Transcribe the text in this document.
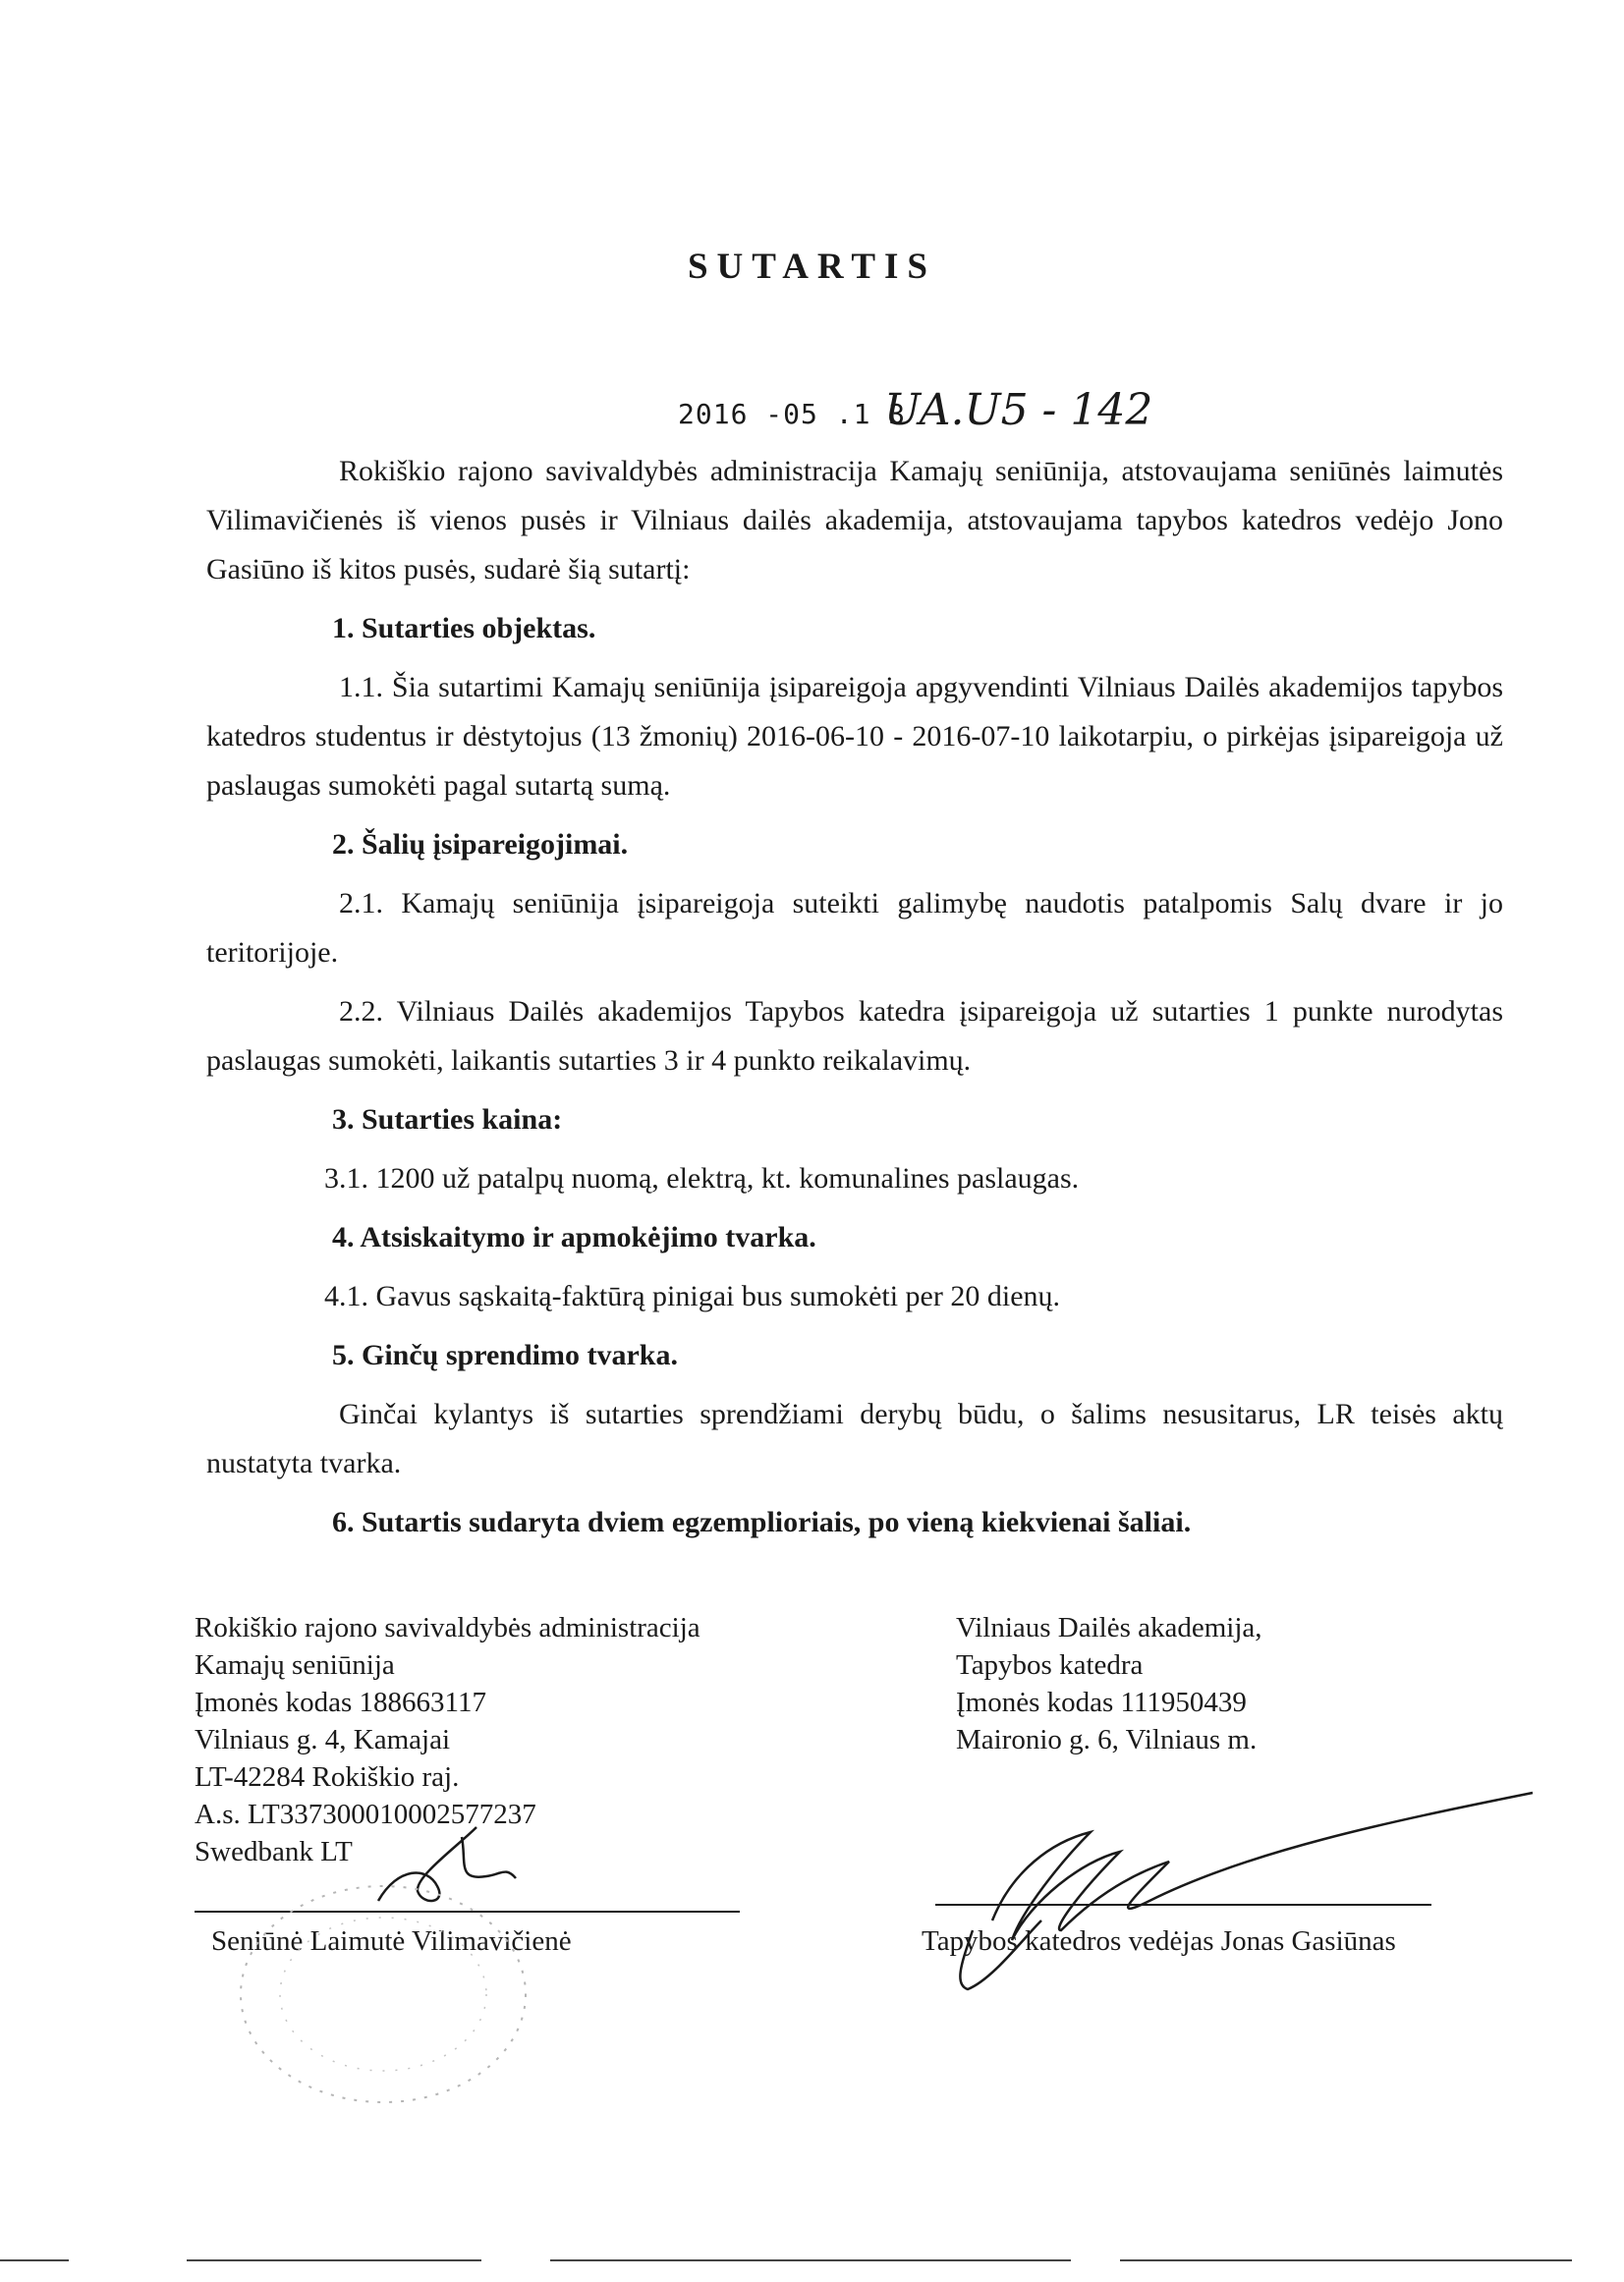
SUTARTIS
2016 -05 .1 3
UA.U5 - 142

Rokiškio rajono savivaldybės administracija Kamajų seniūnija, atstovaujama seniūnės laimutės Vilimavičienės iš vienos pusės ir Vilniaus dailės akademija, atstovaujama tapybos katedros vedėjo Jono Gasiūno iš kitos pusės, sudarė šią sutartį:

1. Sutarties objektas.

1.1. Šia sutartimi Kamajų seniūnija įsipareigoja apgyvendinti Vilniaus Dailės akademijos tapybos katedros studentus ir dėstytojus (13 žmonių) 2016-06-10 - 2016-07-10 laikotarpiu, o pirkėjas įsipareigoja už paslaugas sumokėti pagal sutartą sumą.

2. Šalių įsipareigojimai.

2.1. Kamajų seniūnija įsipareigoja suteikti galimybę naudotis patalpomis Salų dvare ir jo teritorijoje.

2.2. Vilniaus Dailės akademijos Tapybos katedra įsipareigoja už sutarties 1 punkte nurodytas paslaugas sumokėti, laikantis sutarties 3 ir 4 punkto reikalavimų.

3. Sutarties kaina:

3.1. 1200 už patalpų nuomą, elektrą, kt. komunalines paslaugas.

4. Atsiskaitymo ir apmokėjimo tvarka.

4.1. Gavus sąskaitą-faktūrą pinigai bus sumokėti per 20 dienų.

5. Ginčų sprendimo tvarka.

Ginčai kylantys iš sutarties sprendžiami derybų būdu, o šalims nesusitarus, LR teisės aktų nustatyta tvarka.

6. Sutartis sudaryta dviem egzemplioriais, po vieną kiekvienai šaliai.

Rokiškio rajono savivaldybės administracija
Kamajų seniūnija
Įmonės kodas 188663117
Vilniaus g. 4, Kamajai
LT-42284 Rokiškio raj.
A.s. LT337300010002577237
Swedbank LT
Vilniaus Dailės akademija,
Tapybos katedra
Įmonės kodas 111950439
Maironio g. 6, Vilniaus m.
Seniūnė Laimutė Vilimavičienė	Tapybos katedros vedėjas Jonas Gasiūnas
